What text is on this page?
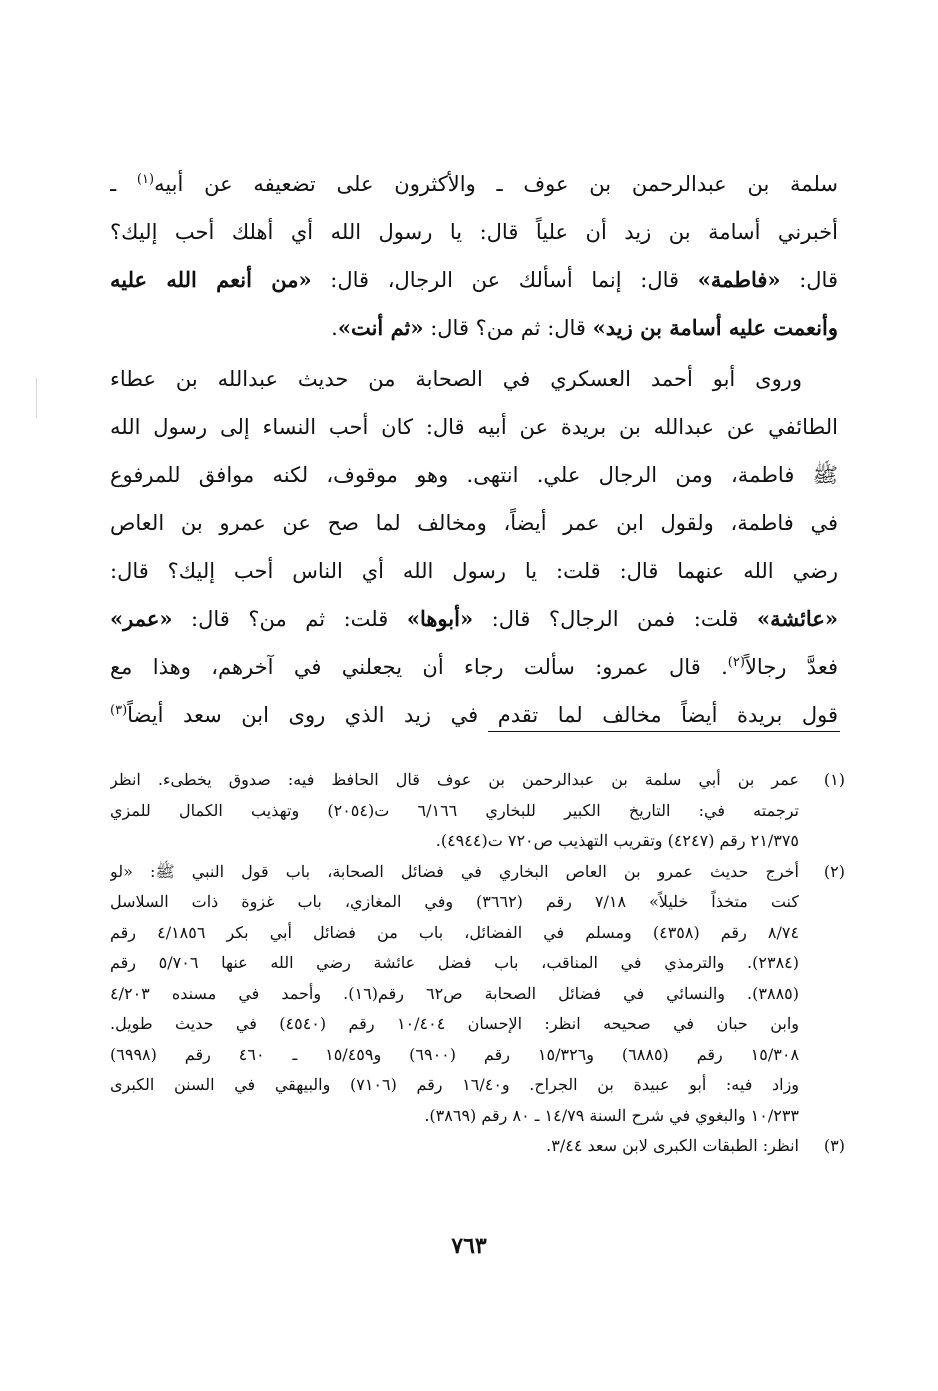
سلمة بن عبدالرحمن بن عوف ـ والأكثرون على تضعيفه عن أبيه$^{(١)}$ ـ
أخبرني أسامة بن زيد أن علياً قال: يا رسول الله أي أهلك أحب إليك؟
قال: «فاطمة» قال: إنما أسألك عن الرجال، قال: «من أنعم الله عليه
وأنعمت عليه أسامة بن زيد» قال: ثم من؟ قال: «ثم أنت».
وروى أبو أحمد العسكري في الصحابة من حديث عبدالله بن عطاء
الطائفي عن عبدالله بن بريدة عن أبيه قال: كان أحب النساء إلى رسول الله
ﷺ فاطمة، ومن الرجال علي. انتهى. وهو موقوف، لكنه موافق للمرفوع
في فاطمة، ولقول ابن عمر أيضاً، ومخالف لما صح عن عمرو بن العاص
رضي الله عنهما قال: قلت: يا رسول الله أي الناس أحب إليك؟ قال:
«عائشة» قلت: فمن الرجال؟ قال: «أبوها» قلت: ثم من؟ قال: «عمر»
فعدَّ رجالاً$^{(٢)}$. قال عمرو: سألت رجاء أن يجعلني في آخرهم، وهذا مع
قول بريدة أيضاً مخالف لما تقدم في زيد الذي روى ابن سعد أيضاً$^{(٣)}$
(١)
عمر بن أبي سلمة بن عبدالرحمن بن عوف قال الحافظ فيه: صدوق يخطىء. انظر
ترجمته في: التاريخ الكبير للبخاري ٦/١٦٦ ت(٢٠٥٤) وتهذيب الكمال للمزي
٢١/٣٧٥ رقم (٤٢٤٧) وتقريب التهذيب ص٧٢٠ ت(٤٩٤٤).
(٢)
أخرج حديث عمرو بن العاص البخاري في فضائل الصحابة، باب قول النبي ﷺ: «لو
كنت متخذاً خليلاً» ٧/١٨ رقم (٣٦٦٢) وفي المغازي، باب غزوة ذات السلاسل
٨/٧٤ رقم (٤٣٥٨) ومسلم في الفضائل، باب من فضائل أبي بكر ٤/١٨٥٦ رقم
(٢٣٨٤). والترمذي في المناقب، باب فضل عائشة رضي الله عنها ٥/٧٠٦ رقم
(٣٨٨٥). والنسائي في فضائل الصحابة ص٦٢ رقم(١٦). وأحمد في مسنده ٤/٢٠٣
وابن حبان في صحيحه انظر: الإحسان ١٠/٤٠٤ رقم (٤٥٤٠) في حديث طويل.
١٥/٣٠٨ رقم (٦٨٨٥) و١٥/٣٢٦ رقم (٦٩٠٠) و١٥/٤٥٩ ـ ٤٦٠ رقم (٦٩٩٨)
وزاد فيه: أبو عبيدة بن الجراح. و١٦/٤٠ رقم (٧١٠٦) والبيهقي في السنن الكبرى
١٠/٢٣٣ والبغوي في شرح السنة ١٤/٧٩ ـ ٨٠ رقم (٣٨٦٩).
(٣)
انظر: الطبقات الكبرى لابن سعد ٣/٤٤.
٧٦٣
